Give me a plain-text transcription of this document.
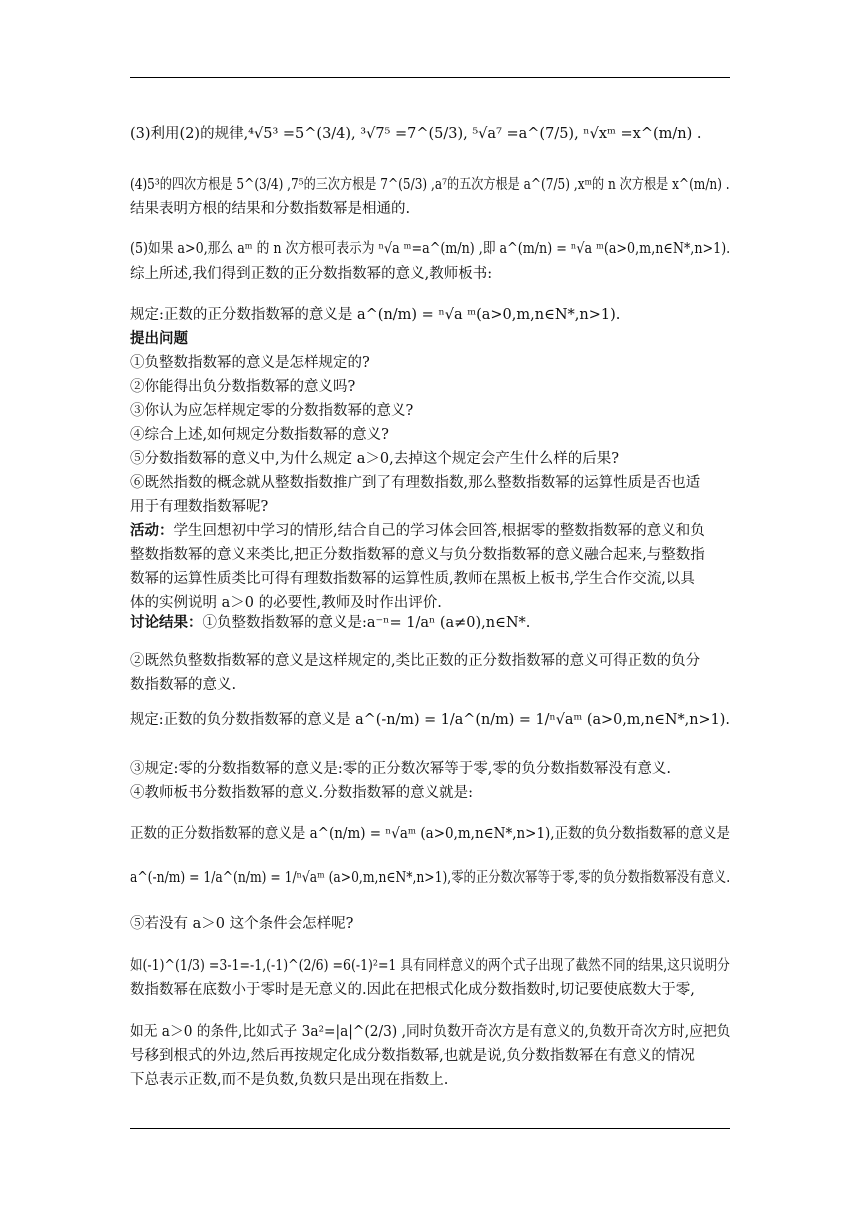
(3)利用(2)的规律,⁴√5³ =5^(3/4), ³√7⁵ =7^(5/3), ⁵√a⁷ =a^(7/5), ⁿ√xᵐ =x^(m/n) .
(4)5³的四次方根是 5^(3/4) ,7⁵的三次方根是 7^(5/3) ,a⁷的五次方根是 a^(7/5) ,xᵐ的 n 次方根是 x^(m/n) .
结果表明方根的结果和分数指数幂是相通的.
(5)如果 a>0,那么 aᵐ 的 n 次方根可表示为 ⁿ√a ᵐ=a^(m/n) ,即 a^(m/n) = ⁿ√a ᵐ(a>0,m,n∈N*,n>1).
综上所述,我们得到正数的正分数指数幂的意义,教师板书:
规定:正数的正分数指数幂的意义是 a^(n/m) = ⁿ√a ᵐ(a>0,m,n∈N*,n>1).
提出问题
①负整数指数幂的意义是怎样规定的?
②你能得出负分数指数幂的意义吗?
③你认为应怎样规定零的分数指数幂的意义?
④综合上述,如何规定分数指数幂的意义?
⑤分数指数幂的意义中,为什么规定 a＞0,去掉这个规定会产生什么样的后果?
⑥既然指数的概念就从整数指数推广到了有理数指数,那么整数指数幂的运算性质是否也适
用于有理数指数幂呢?
活动：学生回想初中学习的情形,结合自己的学习体会回答,根据零的整数指数幂的意义和负
整数指数幂的意义来类比,把正分数指数幂的意义与负分数指数幂的意义融合起来,与整数指
数幂的运算性质类比可得有理数指数幂的运算性质,教师在黑板上板书,学生合作交流,以具
体的实例说明 a＞0 的必要性,教师及时作出评价.
讨论结果：①负整数指数幂的意义是:a⁻ⁿ= 1/aⁿ (a≠0),n∈N*.
②既然负整数指数幂的意义是这样规定的,类比正数的正分数指数幂的意义可得正数的负分
数指数幂的意义.
规定:正数的负分数指数幂的意义是 a^(-n/m) = 1/a^(n/m) = 1/ⁿ√aᵐ (a>0,m,n∈N*,n>1).
③规定:零的分数指数幂的意义是:零的正分数次幂等于零,零的负分数指数幂没有意义.
④教师板书分数指数幂的意义.分数指数幂的意义就是:
正数的正分数指数幂的意义是 a^(n/m) = ⁿ√aᵐ (a>0,m,n∈N*,n>1),正数的负分数指数幂的意义是
a^(-n/m) = 1/a^(n/m) = 1/ⁿ√aᵐ (a>0,m,n∈N*,n>1),零的正分数次幂等于零,零的负分数指数幂没有意义.
⑤若没有 a＞0 这个条件会怎样呢?
如(-1)^(1/3) =3-1=-1,(-1)^(2/6) =6(-1)²=1 具有同样意义的两个式子出现了截然不同的结果,这只说明分
数指数幂在底数小于零时是无意义的.因此在把根式化成分数指数时,切记要使底数大于零,
如无 a＞0 的条件,比如式子 3a²=|a|^(2/3) ,同时负数开奇次方是有意义的,负数开奇次方时,应把负
号移到根式的外边,然后再按规定化成分数指数幂,也就是说,负分数指数幂在有意义的情况
下总表示正数,而不是负数,负数只是出现在指数上.
